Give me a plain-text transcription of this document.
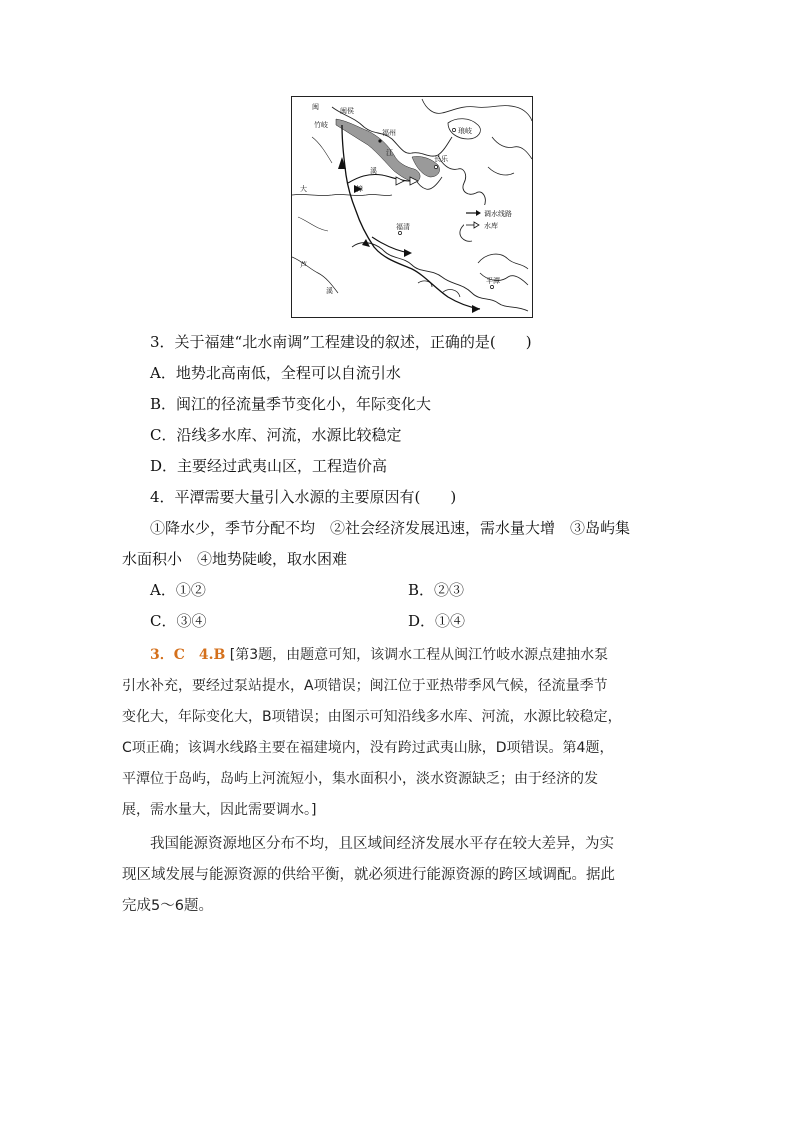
闽	闽侯
竹岐
福州	琅岐
江
长乐
溪
大	樟
福清
芦
溪
平潭
调水线路
水库
3．关于福建“北水南调”工程建设的叙述，正确的是(　　)
A．地势北高南低，全程可以自流引水
B．闽江的径流量季节变化小，年际变化大
C．沿线多水库、河流，水源比较稳定
D．主要经过武夷山区，工程造价高
4．平潭需要大量引入水源的主要原因有(　　)
①降水少，季节分配不均　②社会经济发展迅速，需水量大增　③岛屿集
水面积小　④地势陡峻，取水困难
A．①②	B．②③
C．③④	D．①④
3．C　4.B [第3题，由题意可知，该调水工程从闽江竹岐水源点建抽水泵
引水补充，要经过泵站提水，A项错误；闽江位于亚热带季风气候，径流量季节
变化大，年际变化大，B项错误；由图示可知沿线多水库、河流，水源比较稳定，
C项正确；该调水线路主要在福建境内，没有跨过武夷山脉，D项错误。第4题，
平潭位于岛屿，岛屿上河流短小，集水面积小，淡水资源缺乏；由于经济的发
展，需水量大，因此需要调水。]
我国能源资源地区分布不均，且区域间经济发展水平存在较大差异，为实
现区域发展与能源资源的供给平衡，就必须进行能源资源的跨区域调配。据此
完成5～6题。
